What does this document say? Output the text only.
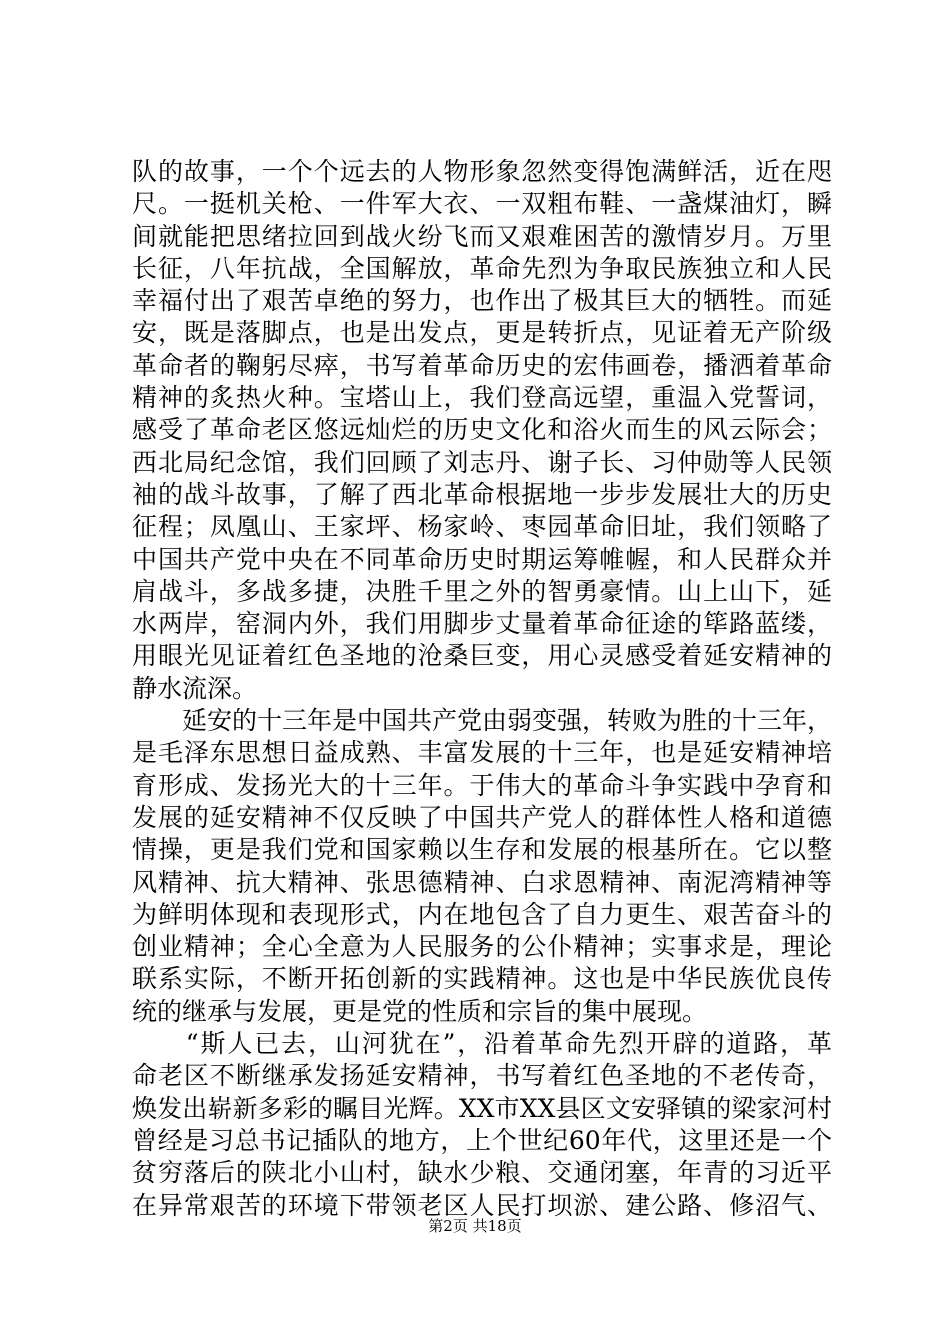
队的故事，一个个远去的人物形象忽然变得饱满鲜活，近在咫
尺。一挺机关枪、一件军大衣、一双粗布鞋、一盏煤油灯，瞬
间就能把思绪拉回到战火纷飞而又艰难困苦的激情岁月。万里
长征，八年抗战，全国解放，革命先烈为争取民族独立和人民
幸福付出了艰苦卓绝的努力，也作出了极其巨大的牺牲。而延
安，既是落脚点，也是出发点，更是转折点，见证着无产阶级
革命者的鞠躬尽瘁，书写着革命历史的宏伟画卷，播洒着革命
精神的炙热火种。宝塔山上，我们登高远望，重温入党誓词，
感受了革命老区悠远灿烂的历史文化和浴火而生的风云际会；
西北局纪念馆，我们回顾了刘志丹、谢子长、习仲勋等人民领
袖的战斗故事，了解了西北革命根据地一步步发展壮大的历史
征程；凤凰山、王家坪、杨家岭、枣园革命旧址，我们领略了
中国共产党中央在不同革命历史时期运筹帷幄，和人民群众并
肩战斗，多战多捷，决胜千里之外的智勇豪情。山上山下，延
水两岸，窑洞内外，我们用脚步丈量着革命征途的筚路蓝缕，
用眼光见证着红色圣地的沧桑巨变，用心灵感受着延安精神的
静水流深。
　　延安的十三年是中国共产党由弱变强，转败为胜的十三年，
是毛泽东思想日益成熟、丰富发展的十三年，也是延安精神培
育形成、发扬光大的十三年。于伟大的革命斗争实践中孕育和
发展的延安精神不仅反映了中国共产党人的群体性人格和道德
情操，更是我们党和国家赖以生存和发展的根基所在。它以整
风精神、抗大精神、张思德精神、白求恩精神、南泥湾精神等
为鲜明体现和表现形式，内在地包含了自力更生、艰苦奋斗的
创业精神；全心全意为人民服务的公仆精神；实事求是，理论
联系实际，不断开拓创新的实践精神。这也是中华民族优良传
统的继承与发展，更是党的性质和宗旨的集中展现。
　　“斯人已去，山河犹在”，沿着革命先烈开辟的道路，革
命老区不断继承发扬延安精神，书写着红色圣地的不老传奇，
焕发出崭新多彩的瞩目光辉。XX市XX县区文安驿镇的梁家河村
曾经是习总书记插队的地方，上个世纪60年代，这里还是一个
贫穷落后的陕北小山村，缺水少粮、交通闭塞，年青的习近平
在异常艰苦的环境下带领老区人民打坝淤、建公路、修沼气、
第2页 共18页
